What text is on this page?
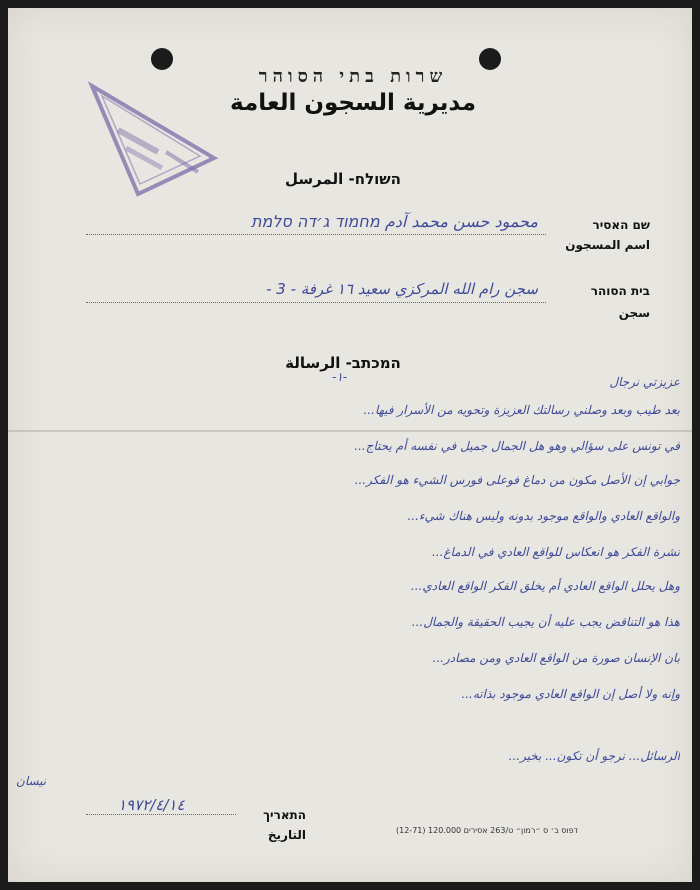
שרות בתי הסוהר
مديرية السجون العامة
השולח- المرسل
שם האסיר
اسم المسجون
محمود حسن محمد آدم מחמוד ג׳דה סלמת
בית הסוהר
سجن
سجن رام الله المركزي سعيد ١٦ غرفة - 3 -
המכתב- الرسالة
-١-	عزيزتي نرجال
بعد طيب وبعد وصلني رسالتك العزيزة وتحويه من الأسرار فيها...
في تونس على سؤالي وهو هل الجمال جميل في نفسه أم يحتاج...
جوابي إن الأصل مكون من دماغ فوعلى فورس الشيء هو الفكر...
والواقع العادي والواقع موجود بدونه وليس هناك شيء...
نشرة الفكر هو انعكاس للواقع العادي في الدماغ...
وهل يحلل الواقع العادي أم يخلق الفكر الواقع العادي...
هذا هو التناقض يجب عليه أن يجيب الحقيقة والجمال...
بان الإنسان صورة من الواقع العادي ومن مصادر...
وإنه ولا أصل إن الواقع العادي موجود بذاته...
الرسائل... نرجو أن تكون... بخير...
نيسان
התאריך
التاريخ
١٩٧٢/٤/١٤
דפוס ב׳ ס ״רמון״ ט/263 אסירים 120.000 (12-71)
